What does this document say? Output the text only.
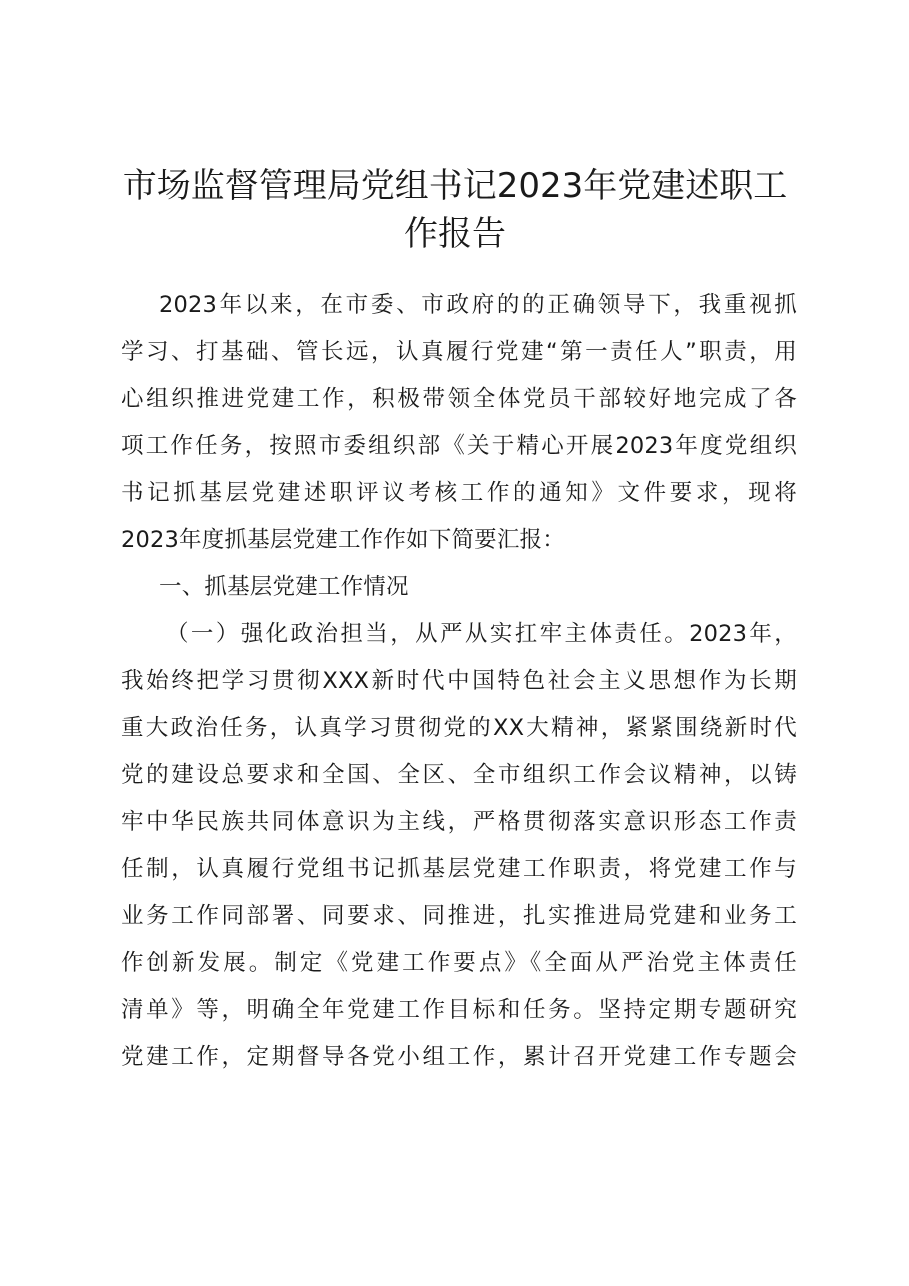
市场监督管理局党组书记2023年党建述职工
作报告
2023年以来，在市委、市政府的的正确领导下，我重视抓
学习、打基础、管长远，认真履行党建“第一责任人”职责，用
心组织推进党建工作，积极带领全体党员干部较好地完成了各
项工作任务，按照市委组织部《关于精心开展2023年度党组织
书记抓基层党建述职评议考核工作的通知》文件要求，现将
2023年度抓基层党建工作作如下简要汇报：
一、抓基层党建工作情况
（一）强化政治担当，从严从实扛牢主体责任。2023年，
我始终把学习贯彻XXX新时代中国特色社会主义思想作为长期
重大政治任务，认真学习贯彻党的XX大精神，紧紧围绕新时代
党的建设总要求和全国、全区、全市组织工作会议精神，以铸
牢中华民族共同体意识为主线，严格贯彻落实意识形态工作责
任制，认真履行党组书记抓基层党建工作职责，将党建工作与
业务工作同部署、同要求、同推进，扎实推进局党建和业务工
作创新发展。制定《党建工作要点》《全面从严治党主体责任
清单》等，明确全年党建工作目标和任务。坚持定期专题研究
党建工作，定期督导各党小组工作，累计召开党建工作专题会
